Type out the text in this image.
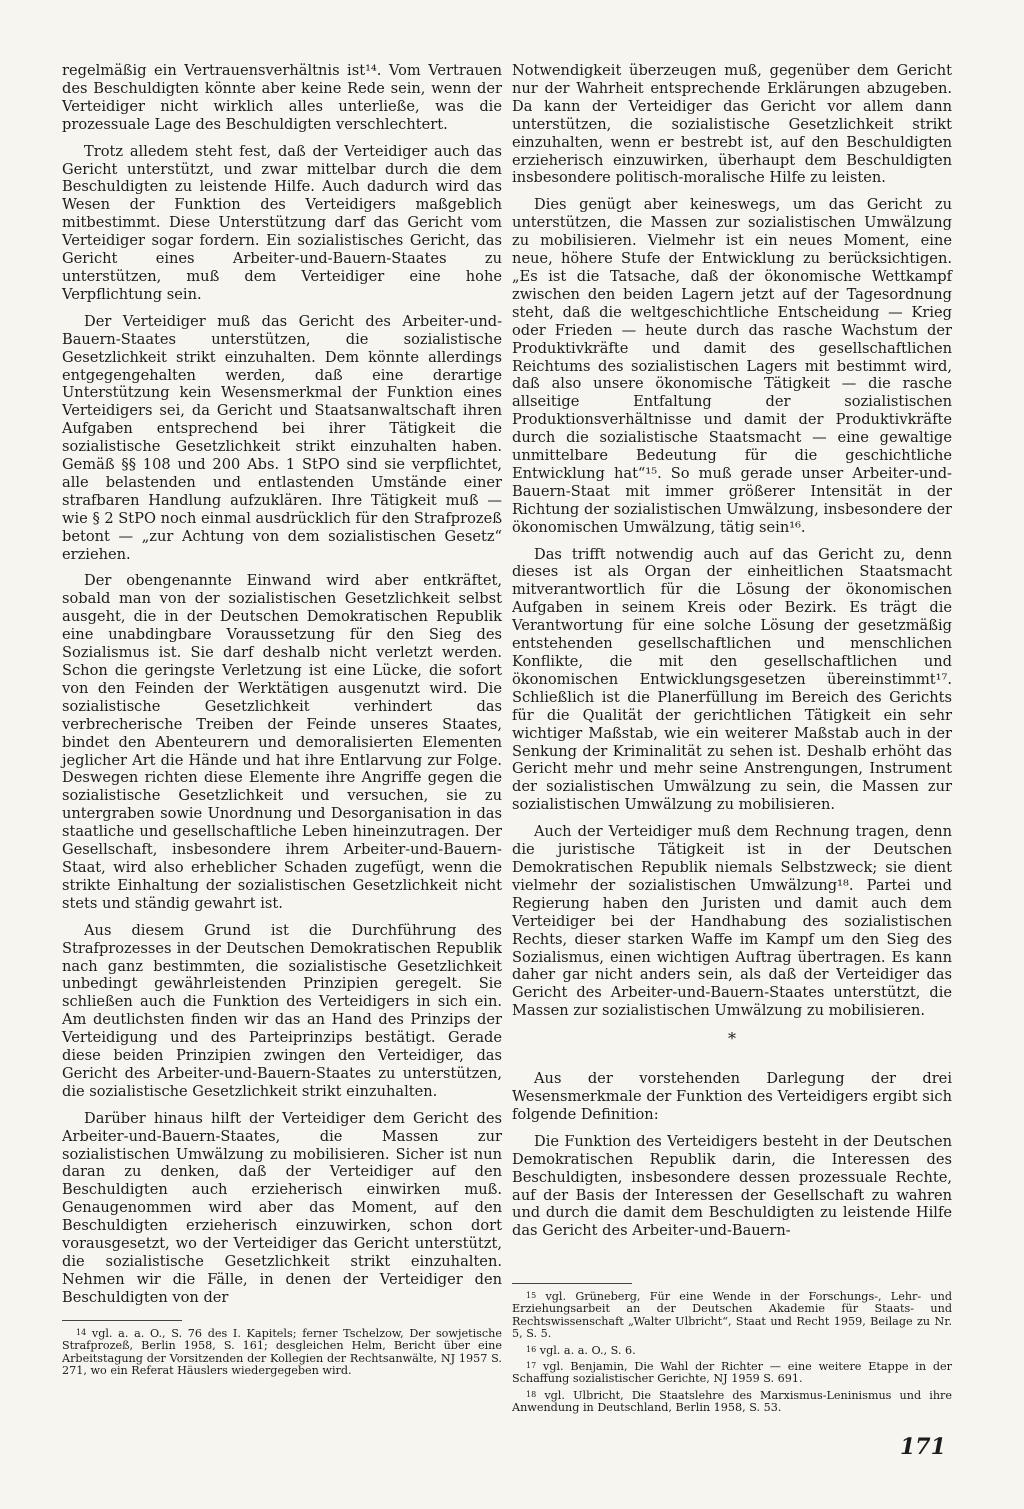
regelmäßig ein Vertrauensverhältnis ist¹⁴. Vom Vertrauen des Beschuldigten könnte aber keine Rede sein, wenn der Verteidiger nicht wirklich alles unterließe, was die prozessuale Lage des Beschuldigten verschlechtert.

Trotz alledem steht fest, daß der Verteidiger auch das Gericht unterstützt, und zwar mittelbar durch die dem Beschuldigten zu leistende Hilfe. Auch dadurch wird das Wesen der Funktion des Verteidigers maßgeblich mitbestimmt. Diese Unterstützung darf das Gericht vom Verteidiger sogar fordern. Ein sozialistisches Gericht, das Gericht eines Arbeiter-und-Bauern-Staates zu unterstützen, muß dem Verteidiger eine hohe Verpflichtung sein.

Der Verteidiger muß das Gericht des Arbeiter-und-Bauern-Staates unterstützen, die sozialistische Gesetzlichkeit strikt einzuhalten. Dem könnte allerdings entgegengehalten werden, daß eine derartige Unterstützung kein Wesensmerkmal der Funktion eines Verteidigers sei, da Gericht und Staatsanwaltschaft ihren Aufgaben entsprechend bei ihrer Tätigkeit die sozialistische Gesetzlichkeit strikt einzuhalten haben. Gemäß §§ 108 und 200 Abs. 1 StPO sind sie verpflichtet, alle belastenden und entlastenden Umstände einer strafbaren Handlung aufzuklären. Ihre Tätigkeit muß — wie § 2 StPO noch einmal ausdrücklich für den Strafprozeß betont — „zur Achtung von dem sozialistischen Gesetz“ erziehen.

Der obengenannte Einwand wird aber entkräftet, sobald man von der sozialistischen Gesetzlichkeit selbst ausgeht, die in der Deutschen Demokratischen Republik eine unabdingbare Voraussetzung für den Sieg des Sozialismus ist. Sie darf deshalb nicht verletzt werden. Schon die geringste Verletzung ist eine Lücke, die sofort von den Feinden der Werktätigen ausgenutzt wird. Die sozialistische Gesetzlichkeit verhindert das verbrecherische Treiben der Feinde unseres Staates, bindet den Abenteurern und demoralisierten Elementen jeglicher Art die Hände und hat ihre Entlarvung zur Folge. Deswegen richten diese Elemente ihre Angriffe gegen die sozialistische Gesetzlichkeit und versuchen, sie zu untergraben sowie Unordnung und Desorganisation in das staatliche und gesellschaftliche Leben hineinzutragen. Der Gesellschaft, insbesondere ihrem Arbeiter-und-Bauern-Staat, wird also erheblicher Schaden zugefügt, wenn die strikte Einhaltung der sozialistischen Gesetzlichkeit nicht stets und ständig gewahrt ist.

Aus diesem Grund ist die Durchführung des Strafprozesses in der Deutschen Demokratischen Republik nach ganz bestimmten, die sozialistische Gesetzlichkeit unbedingt gewährleistenden Prinzipien geregelt. Sie schließen auch die Funktion des Verteidigers in sich ein. Am deutlichsten finden wir das an Hand des Prinzips der Verteidigung und des Parteiprinzips bestätigt. Gerade diese beiden Prinzipien zwingen den Verteidiger, das Gericht des Arbeiter-und-Bauern-Staates zu unterstützen, die sozialistische Gesetzlichkeit strikt einzuhalten.

Darüber hinaus hilft der Verteidiger dem Gericht des Arbeiter-und-Bauern-Staates, die Massen zur sozialistischen Umwälzung zu mobilisieren. Sicher ist nun daran zu denken, daß der Verteidiger auf den Beschuldigten auch erzieherisch einwirken muß. Genaugenommen wird aber das Moment, auf den Beschuldigten erzieherisch einzuwirken, schon dort vorausgesetzt, wo der Verteidiger das Gericht unterstützt, die sozialistische Gesetzlichkeit strikt einzuhalten. Nehmen wir die Fälle, in denen der Verteidiger den Beschuldigten von der

14 vgl. a. a. O., S. 76 des I. Kapitels; ferner Tschelzow, Der sowjetische Strafprozeß, Berlin 1958, S. 161; desgleichen Helm, Bericht über eine Arbeitstagung der Vorsitzenden der Kollegien der Rechtsanwälte, NJ 1957 S. 271, wo ein Referat Häuslers wiedergegeben wird.

Notwendigkeit überzeugen muß, gegenüber dem Gericht nur der Wahrheit entsprechende Erklärungen abzugeben. Da kann der Verteidiger das Gericht vor allem dann unterstützen, die sozialistische Gesetzlichkeit strikt einzuhalten, wenn er bestrebt ist, auf den Beschuldigten erzieherisch einzuwirken, überhaupt dem Beschuldigten insbesondere politisch-moralische Hilfe zu leisten.

Dies genügt aber keineswegs, um das Gericht zu unterstützen, die Massen zur sozialistischen Umwälzung zu mobilisieren. Vielmehr ist ein neues Moment, eine neue, höhere Stufe der Entwicklung zu berücksichtigen. „Es ist die Tatsache, daß der ökonomische Wettkampf zwischen den beiden Lagern jetzt auf der Tagesordnung steht, daß die weltgeschichtliche Entscheidung — Krieg oder Frieden — heute durch das rasche Wachstum der Produktivkräfte und damit des gesellschaftlichen Reichtums des sozialistischen Lagers mit bestimmt wird, daß also unsere ökonomische Tätigkeit — die rasche allseitige Entfaltung der sozialistischen Produktionsverhältnisse und damit der Produktivkräfte durch die sozialistische Staatsmacht — eine gewaltige unmittelbare Bedeutung für die geschichtliche Entwicklung hat“¹⁵. So muß gerade unser Arbeiter-und-Bauern-Staat mit immer größerer Intensität in der Richtung der sozialistischen Umwälzung, insbesondere der ökonomischen Umwälzung, tätig sein¹⁶.

Das trifft notwendig auch auf das Gericht zu, denn dieses ist als Organ der einheitlichen Staatsmacht mitverantwortlich für die Lösung der ökonomischen Aufgaben in seinem Kreis oder Bezirk. Es trägt die Verantwortung für eine solche Lösung der gesetzmäßig entstehenden gesellschaftlichen und menschlichen Konflikte, die mit den gesellschaftlichen und ökonomischen Entwicklungsgesetzen übereinstimmt¹⁷. Schließlich ist die Planerfüllung im Bereich des Gerichts für die Qualität der gerichtlichen Tätigkeit ein sehr wichtiger Maßstab, wie ein weiterer Maßstab auch in der Senkung der Kriminalität zu sehen ist. Deshalb erhöht das Gericht mehr und mehr seine Anstrengungen, Instrument der sozialistischen Umwälzung zu sein, die Massen zur sozialistischen Umwälzung zu mobilisieren.

Auch der Verteidiger muß dem Rechnung tragen, denn die juristische Tätigkeit ist in der Deutschen Demokratischen Republik niemals Selbstzweck; sie dient vielmehr der sozialistischen Umwälzung¹⁸. Partei und Regierung haben den Juristen und damit auch dem Verteidiger bei der Handhabung des sozialistischen Rechts, dieser starken Waffe im Kampf um den Sieg des Sozialismus, einen wichtigen Auftrag übertragen. Es kann daher gar nicht anders sein, als daß der Verteidiger das Gericht des Arbeiter-und-Bauern-Staates unterstützt, die Massen zur sozialistischen Umwälzung zu mobilisieren.

*

Aus der vorstehenden Darlegung der drei Wesensmerkmale der Funktion des Verteidigers ergibt sich folgende Definition:

Die Funktion des Verteidigers besteht in der Deutschen Demokratischen Republik darin, die Interessen des Beschuldigten, insbesondere dessen prozessuale Rechte, auf der Basis der Interessen der Gesellschaft zu wahren und durch die damit dem Beschuldigten zu leistende Hilfe das Gericht des Arbeiter-und-Bauern-

15 vgl. Grüneberg, Für eine Wende in der Forschungs-, Lehr- und Erziehungsarbeit an der Deutschen Akademie für Staats- und Rechtswissenschaft „Walter Ulbricht“, Staat und Recht 1959, Beilage zu Nr. 5, S. 5.

16 vgl. a. a. O., S. 6.

17 vgl. Benjamin, Die Wahl der Richter — eine weitere Etappe in der Schaffung sozialistischer Gerichte, NJ 1959 S. 691.

18 vgl. Ulbricht, Die Staatslehre des Marxismus-Leninismus und ihre Anwendung in Deutschland, Berlin 1958, S. 53.

171
